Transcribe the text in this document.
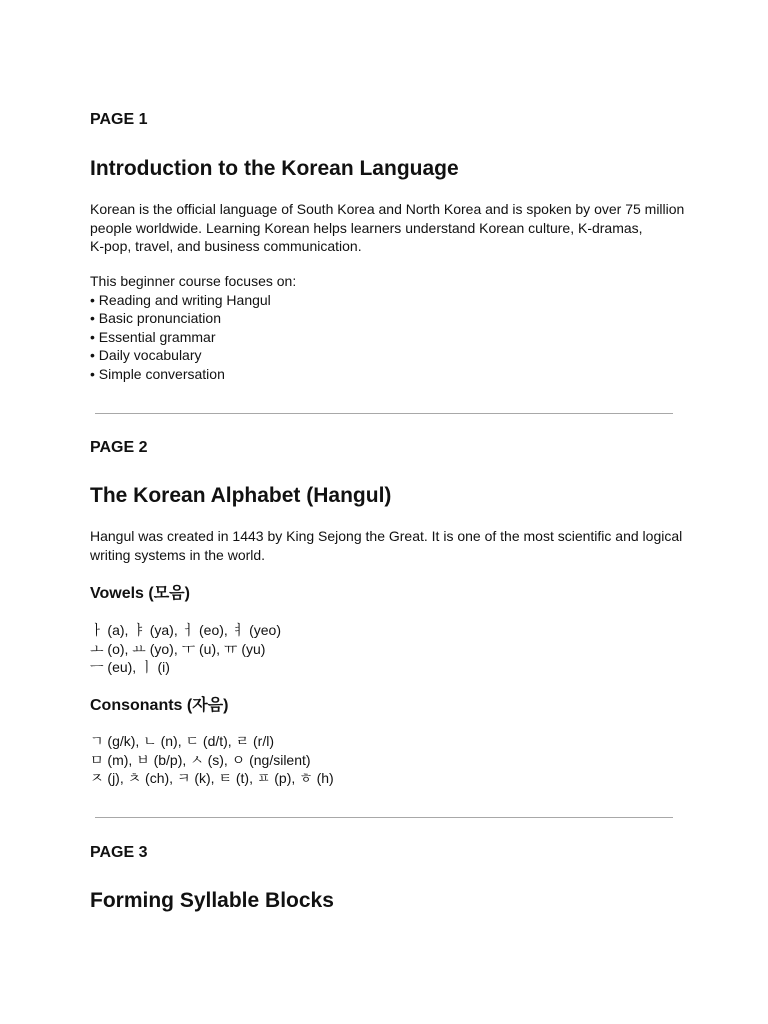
PAGE 1
Introduction to the Korean Language
Korean is the official language of South Korea and North Korea and is spoken by over 75 million
people worldwide. Learning Korean helps learners understand Korean culture, K-dramas,
K-pop, travel, and business communication.
This beginner course focuses on:
• Reading and writing Hangul
• Basic pronunciation
• Essential grammar
• Daily vocabulary
• Simple conversation
PAGE 2
The Korean Alphabet (Hangul)
Hangul was created in 1443 by King Sejong the Great. It is one of the most scientific and logical
writing systems in the world.
Vowels (모음)
ㅏ (a), ㅑ (ya), ㅓ (eo), ㅕ (yeo)
ㅗ (o), ㅛ (yo), ㅜ (u), ㅠ (yu)
ㅡ (eu), ㅣ (i)
Consonants (자음)
ㄱ (g/k), ㄴ (n), ㄷ (d/t), ㄹ (r/l)
ㅁ (m), ㅂ (b/p), ㅅ (s), ㅇ (ng/silent)
ㅈ (j), ㅊ (ch), ㅋ (k), ㅌ (t), ㅍ (p), ㅎ (h)
PAGE 3
Forming Syllable Blocks
